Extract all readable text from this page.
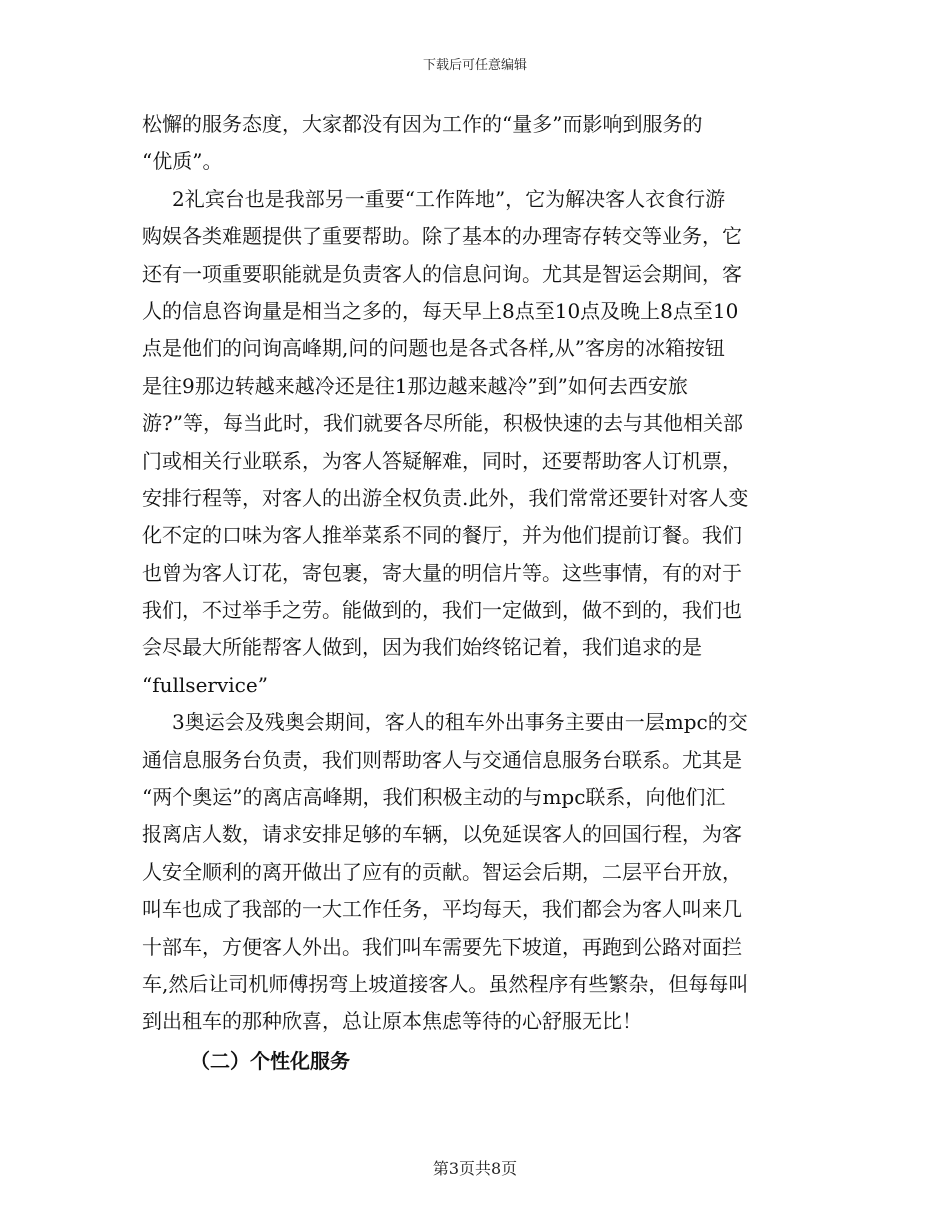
下载后可任意编辑
松懈的服务态度，大家都没有因为工作的“量多”而影响到服务的
“优质”。
2礼宾台也是我部另一重要“工作阵地”，它为解决客人衣食行游
购娱各类难题提供了重要帮助。除了基本的办理寄存转交等业务，它
还有一项重要职能就是负责客人的信息问询。尤其是智运会期间，客
人的信息咨询量是相当之多的，每天早上8点至10点及晚上8点至10
点是他们的问询高峰期,问的问题也是各式各样,从”客房的冰箱按钮
是往9那边转越来越冷还是往1那边越来越冷”到”如何去西安旅
游?”等，每当此时，我们就要各尽所能，积极快速的去与其他相关部
门或相关行业联系，为客人答疑解难，同时，还要帮助客人订机票，
安排行程等，对客人的出游全权负责.此外，我们常常还要针对客人变
化不定的口味为客人推举菜系不同的餐厅，并为他们提前订餐。我们
也曾为客人订花，寄包裹，寄大量的明信片等。这些事情，有的对于
我们，不过举手之劳。能做到的，我们一定做到，做不到的，我们也
会尽最大所能帮客人做到，因为我们始终铭记着，我们追求的是
“fullservice”
3奥运会及残奥会期间，客人的租车外出事务主要由一层mpc的交
通信息服务台负责，我们则帮助客人与交通信息服务台联系。尤其是
“两个奥运”的离店高峰期，我们积极主动的与mpc联系，向他们汇
报离店人数，请求安排足够的车辆，以免延误客人的回国行程，为客
人安全顺利的离开做出了应有的贡献。智运会后期，二层平台开放，
叫车也成了我部的一大工作任务，平均每天，我们都会为客人叫来几
十部车，方便客人外出。我们叫车需要先下坡道，再跑到公路对面拦
车,然后让司机师傅拐弯上坡道接客人。虽然程序有些繁杂，但每每叫
到出租车的那种欣喜，总让原本焦虑等待的心舒服无比！
（二）个性化服务
第3页共8页
